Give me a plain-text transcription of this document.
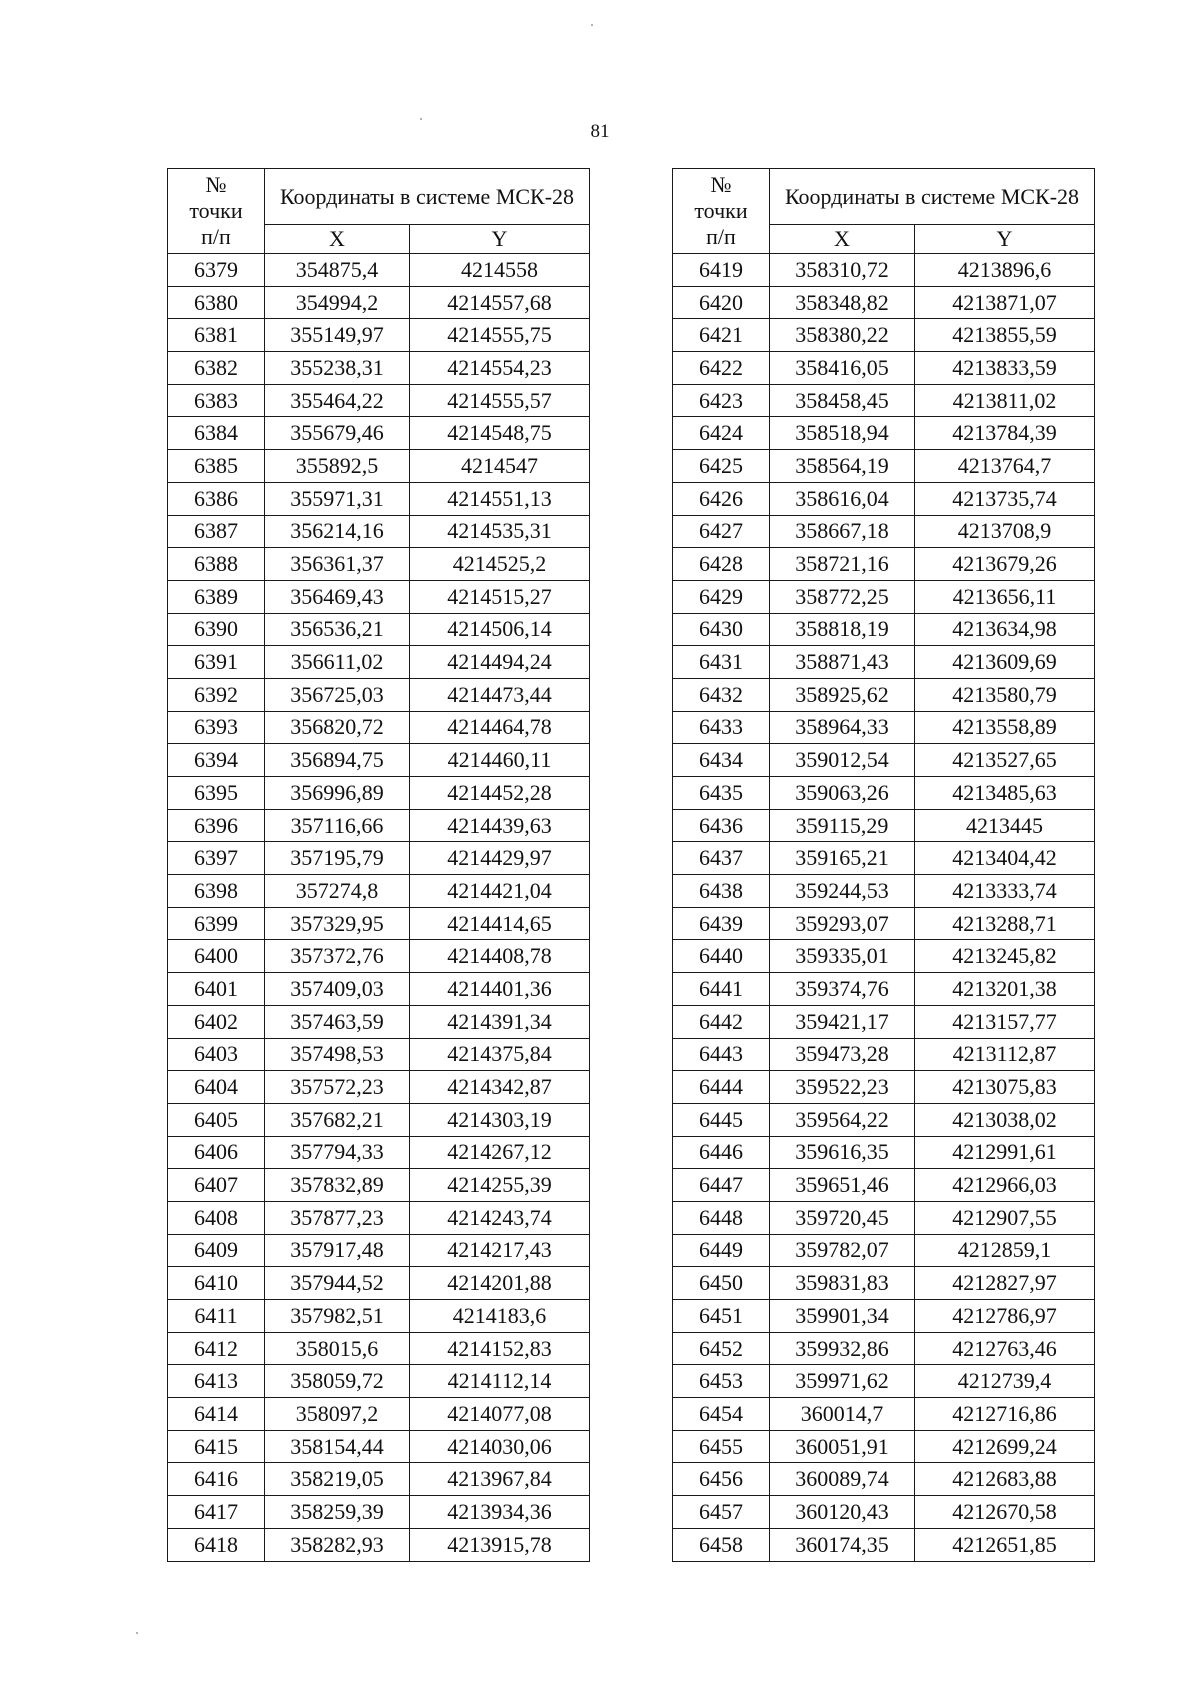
81
№
точки
п/п	Координаты в системе МСК-28	
	X	Y
6379	354875,4	4214558
6380	354994,2	4214557,68
6381	355149,97	4214555,75
6382	355238,31	4214554,23
6383	355464,22	4214555,57
6384	355679,46	4214548,75
6385	355892,5	4214547
6386	355971,31	4214551,13
6387	356214,16	4214535,31
6388	356361,37	4214525,2
6389	356469,43	4214515,27
6390	356536,21	4214506,14
6391	356611,02	4214494,24
6392	356725,03	4214473,44
6393	356820,72	4214464,78
6394	356894,75	4214460,11
6395	356996,89	4214452,28
6396	357116,66	4214439,63
6397	357195,79	4214429,97
6398	357274,8	4214421,04
6399	357329,95	4214414,65
6400	357372,76	4214408,78
6401	357409,03	4214401,36
6402	357463,59	4214391,34
6403	357498,53	4214375,84
6404	357572,23	4214342,87
6405	357682,21	4214303,19
6406	357794,33	4214267,12
6407	357832,89	4214255,39
6408	357877,23	4214243,74
6409	357917,48	4214217,43
6410	357944,52	4214201,88
6411	357982,51	4214183,6
6412	358015,6	4214152,83
6413	358059,72	4214112,14
6414	358097,2	4214077,08
6415	358154,44	4214030,06
6416	358219,05	4213967,84
6417	358259,39	4213934,36
6418	358282,93	4213915,78
№
точки
п/п	Координаты в системе МСК-28	
	X	Y
6419	358310,72	4213896,6
6420	358348,82	4213871,07
6421	358380,22	4213855,59
6422	358416,05	4213833,59
6423	358458,45	4213811,02
6424	358518,94	4213784,39
6425	358564,19	4213764,7
6426	358616,04	4213735,74
6427	358667,18	4213708,9
6428	358721,16	4213679,26
6429	358772,25	4213656,11
6430	358818,19	4213634,98
6431	358871,43	4213609,69
6432	358925,62	4213580,79
6433	358964,33	4213558,89
6434	359012,54	4213527,65
6435	359063,26	4213485,63
6436	359115,29	4213445
6437	359165,21	4213404,42
6438	359244,53	4213333,74
6439	359293,07	4213288,71
6440	359335,01	4213245,82
6441	359374,76	4213201,38
6442	359421,17	4213157,77
6443	359473,28	4213112,87
6444	359522,23	4213075,83
6445	359564,22	4213038,02
6446	359616,35	4212991,61
6447	359651,46	4212966,03
6448	359720,45	4212907,55
6449	359782,07	4212859,1
6450	359831,83	4212827,97
6451	359901,34	4212786,97
6452	359932,86	4212763,46
6453	359971,62	4212739,4
6454	360014,7	4212716,86
6455	360051,91	4212699,24
6456	360089,74	4212683,88
6457	360120,43	4212670,58
6458	360174,35	4212651,85
